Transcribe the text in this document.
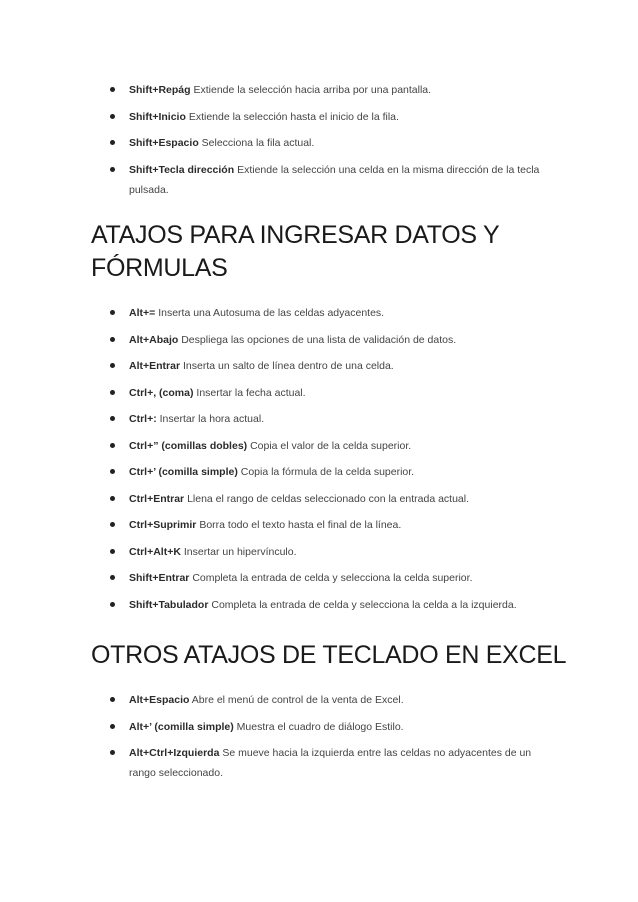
Shift+Repág Extiende la selección hacia arriba por una pantalla.
Shift+Inicio Extiende la selección hasta el inicio de la fila.
Shift+Espacio Selecciona la fila actual.
Shift+Tecla dirección Extiende la selección una celda en la misma dirección de la tecla pulsada.
ATAJOS PARA INGRESAR DATOS Y FÓRMULAS
Alt+= Inserta una Autosuma de las celdas adyacentes.
Alt+Abajo Despliega las opciones de una lista de validación de datos.
Alt+Entrar Inserta un salto de línea dentro de una celda.
Ctrl+, (coma) Insertar la fecha actual.
Ctrl+: Insertar la hora actual.
Ctrl+” (comillas dobles) Copia el valor de la celda superior.
Ctrl+’ (comilla simple) Copia la fórmula de la celda superior.
Ctrl+Entrar Llena el rango de celdas seleccionado con la entrada actual.
Ctrl+Suprimir Borra todo el texto hasta el final de la línea.
Ctrl+Alt+K Insertar un hipervínculo.
Shift+Entrar Completa la entrada de celda y selecciona la celda superior.
Shift+Tabulador Completa la entrada de celda y selecciona la celda a la izquierda.
OTROS ATAJOS DE TECLADO EN EXCEL
Alt+Espacio Abre el menú de control de la venta de Excel.
Alt+’ (comilla simple) Muestra el cuadro de diálogo Estilo.
Alt+Ctrl+Izquierda Se mueve hacia la izquierda entre las celdas no adyacentes de un rango seleccionado.
